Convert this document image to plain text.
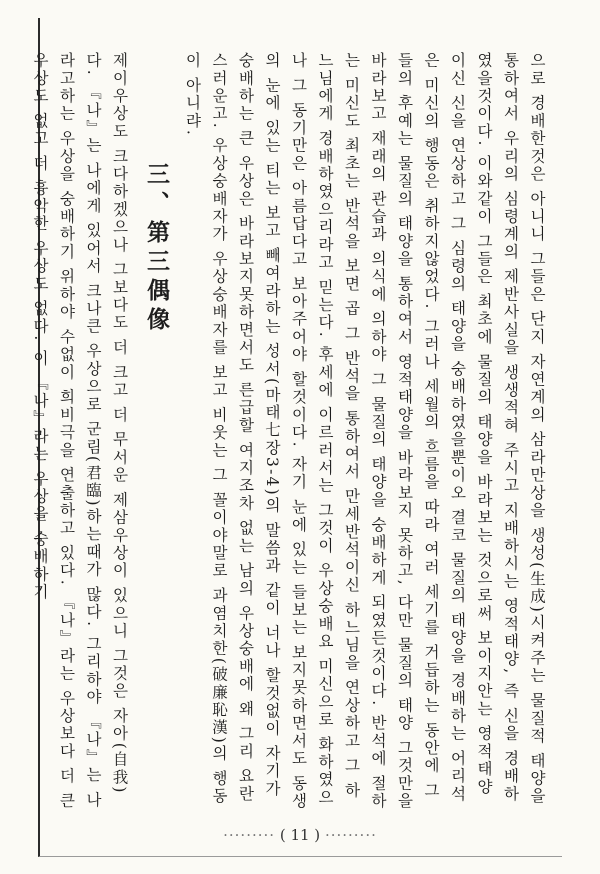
으로 경배한것은 아니니 그들은 단지 자연계의 삼라만상을 생성(生成)시켜주는 물질적 태양을 통하여서 우리의 심령계의 제반사실을 생생적혀 주시고 지배하시는 영적태양, 즉 신을 경배하였을것이다. 이와같이 그들은 최초에 물질의 태양을 바라보는 것으로써 보이지안는 영적태양이신 신을 연상하고 그 심령의 태양을 숭배하였을뿐이오 결코 물질의 태양을 경배하는 어리석은 미신의 행동은 취하지않었다. 그러나 세월의 흐름을 따라 여러 세기를 거듭하는 동안에 그들의 후예는 물질의 태양을 통하여서 영적태양을 바라보지 못하고, 다만 물질의 태양 그것만을 바라보고 재래의 관습과 의식에 의하야 그 물질의 태양을 숭배하게 되였든것이다. 반석에 절하는 미신도 최초는 반석을 보면 곱 그 반석을 통하여서 만세반석이신 하느님을 연상하고 그 하느님에게 경배하였으리라고 믿는다. 후세에 이르러서는 그것이 우상숭배요 미신으로 화하였으나 그 동기만은 아름답다고 보아주어야 할것이다. 자기 눈에 있는 들보는 보지못하면서도 동생의 눈에 있는 티는 보고 빼여라하는 성서(마태七장3-4)의 말씀과 같이 너나 할것없이 자기가 숭배하는 큰 우상은 바라보지못하면서도 른급할 여지조차 없는 남의 우상숭배에 왜 그리 요란스러운고. 우상숭배자가 우상숭배자를 보고 비웃는 그 꼴이야말로 과염치한(破廉恥漢)의 행동이 아니랴.

三、第三偶像

제이우상도 크다하겠으나 그보다도 더 크고 더 무서운 제삼우상이 있으니 그것은 자아(自我)다. 『나』는 나에게 있어서 크나큰 우상으로 군림(君臨)하는때가 많다. 그리하야 『나』는 나라고하는 우상을 숭배하기 위하야 수없이 희비극을 연출하고 있다. 『나』라는 우상보다 더 큰 우상도 없고 더 흉악한 우상도 없다. 이 『나』라는 우상을 숭배하기

········· ( 11 ) ·········
